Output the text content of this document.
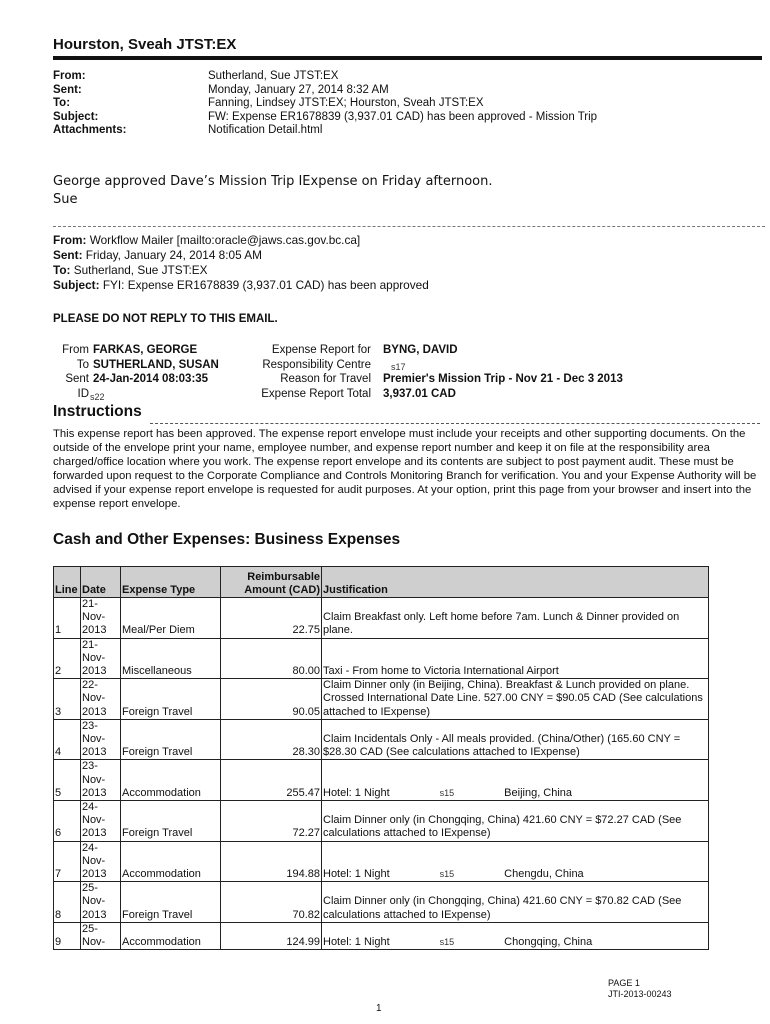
Hourston, Sveah JTST:EX
From:	Sutherland, Sue JTST:EX
Sent:	Monday, January 27, 2014 8:32 AM
To:	Fanning, Lindsey JTST:EX; Hourston, Sveah JTST:EX
Subject:	FW: Expense ER1678839 (3,937.01 CAD) has been approved - Mission Trip
Attachments:	Notification Detail.html
George approved Dave’s Mission Trip IExpense on Friday afternoon.
Sue
From: Workflow Mailer [mailto:oracle@jaws.cas.gov.bc.ca]
Sent: Friday, January 24, 2014 8:05 AM
To: Sutherland, Sue JTST:EX
Subject: FYI: Expense ER1678839 (3,937.01 CAD) has been approved
PLEASE DO NOT REPLY TO THIS EMAIL.
From FARKAS, GEORGE
To SUTHERLAND, SUSAN
Sent 24-Jan-2014 08:03:35
ID s22
Expense Report for BYNG, DAVID
Responsibility Centre s17
Reason for Travel Premier's Mission Trip - Nov 21 - Dec 3 2013
Expense Report Total 3,937.01 CAD
Instructions
This expense report has been approved. The expense report envelope must include your receipts and other supporting documents. On the outside of the envelope print your name, employee number, and expense report number and keep it on file at the responsibility area charged/office location where you work. The expense report envelope and its contents are subject to post payment audit. These must be forwarded upon request to the Corporate Compliance and Controls Monitoring Branch for verification. You and your Expense Authority will be advised if your expense report envelope is requested for audit purposes. At your option, print this page from your browser and insert into the expense report envelope.
Cash and Other Expenses: Business Expenses
Line	Date	Expense Type	Reimbursable Amount (CAD)	Justification
1	21-Nov-2013	Meal/Per Diem	22.75	Claim Breakfast only. Left home before 7am. Lunch & Dinner provided on plane.
2	21-Nov-2013	Miscellaneous	80.00	Taxi - From home to Victoria International Airport
3	22-Nov-2013	Foreign Travel	90.05	Claim Dinner only (in Beijing, China). Breakfast & Lunch provided on plane. Crossed International Date Line. 527.00 CNY = $90.05 CAD (See calculations attached to IExpense)
4	23-Nov-2013	Foreign Travel	28.30	Claim Incidentals Only - All meals provided. (China/Other) (165.60 CNY = $28.30 CAD (See calculations attached to IExpense)
5	23-Nov-2013	Accommodation	255.47	Hotel: 1 Night s15 Beijing, China
6	24-Nov-2013	Foreign Travel	72.27	Claim Dinner only (in Chongqing, China) 421.60 CNY = $72.27 CAD (See calculations attached to IExpense)
7	24-Nov-2013	Accommodation	194.88	Hotel: 1 Night s15 Chengdu, China
8	25-Nov-2013	Foreign Travel	70.82	Claim Dinner only (in Chongqing, China) 421.60 CNY = $70.82 CAD (See calculations attached to IExpense)
9	25-Nov-	Accommodation	124.99	Hotel: 1 Night s15 Chongqing, China
PAGE 1
JTI-2013-00243
1
